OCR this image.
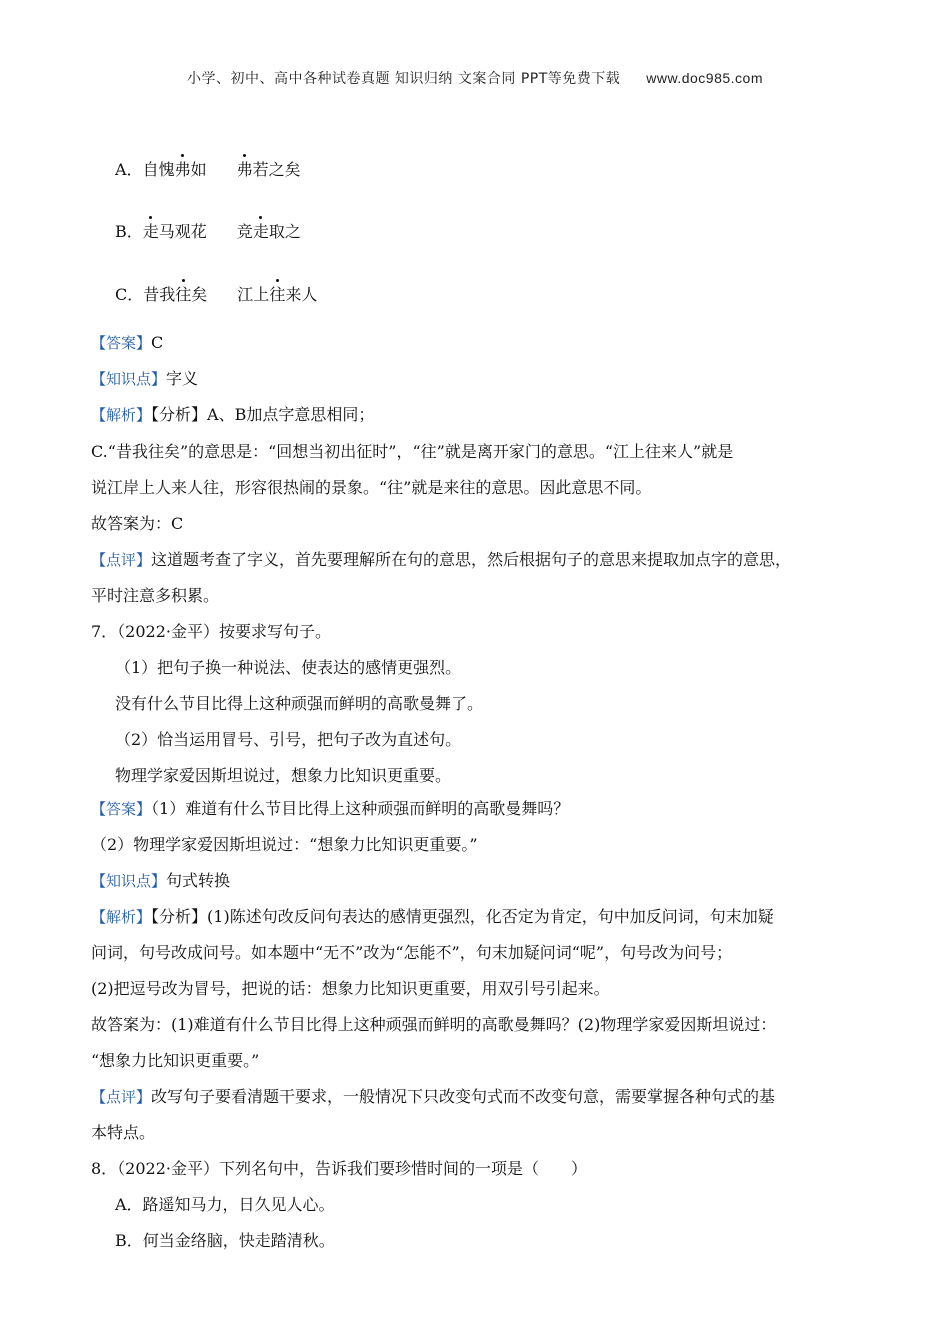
小学、初中、高中各种试卷真题 知识归纳 文案合同 PPT等免费下载 www.doc985.com
A．自愧弗如 弗若之矣
B．走马观花 竞走取之
C．昔我往矣 江上往来人
【答案】C
【知识点】字义
【解析】【分析】A、B加点字意思相同；
C.“昔我往矣”的意思是：“回想当初出征时”，“往”就是离开家门的意思。“江上往来人”就是
说江岸上人来人往，形容很热闹的景象。“往”就是来往的意思。因此意思不同。
故答案为：C
【点评】这道题考查了字义，首先要理解所在句的意思，然后根据句子的意思来提取加点字的意思，
平时注意多积累。
7．（2022·金平）按要求写句子。
（1）把句子换一种说法、使表达的感情更强烈。
没有什么节目比得上这种顽强而鲜明的高歌曼舞了。
（2）恰当运用冒号、引号，把句子改为直述句。
物理学家爱因斯坦说过，想象力比知识更重要。
【答案】（1）难道有什么节目比得上这种顽强而鲜明的高歌曼舞吗？
（2）物理学家爱因斯坦说过：“想象力比知识更重要。”
【知识点】句式转换
【解析】【分析】(1)陈述句改反问句表达的感情更强烈，化否定为肯定，句中加反问词，句末加疑
问词，句号改成问号。如本题中“无不”改为“怎能不”，句末加疑问词“呢”，句号改为问号；
(2)把逗号改为冒号，把说的话：想象力比知识更重要，用双引号引起来。
故答案为：(1)难道有什么节目比得上这种顽强而鲜明的高歌曼舞吗？(2)物理学家爱因斯坦说过：
“想象力比知识更重要。”
【点评】改写句子要看清题干要求，一般情况下只改变句式而不改变句意，需要掌握各种句式的基
本特点。
8．（2022·金平）下列名句中，告诉我们要珍惜时间的一项是（　　）
A．路遥知马力，日久见人心。
B．何当金络脑，快走踏清秋。
